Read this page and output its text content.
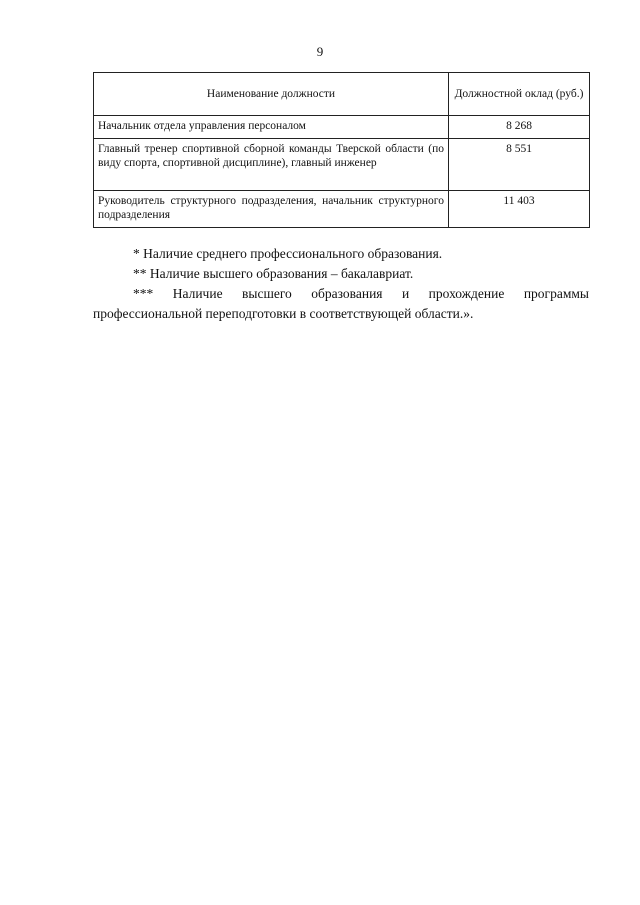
9
Наименование должности	Должностной оклад (руб.)
Начальник отдела управления персоналом	8 268
Главный тренер спортивной сборной команды Тверской области (по виду спорта, спортивной дисциплине), главный инженер	8 551
Руководитель структурного подразделения, начальник структурного подразделения	11 403

* Наличие среднего профессионального образования.

** Наличие высшего образования – бакалавриат.

*** Наличие высшего образования и прохождение программы профессиональной переподготовки в соответствующей области.».
